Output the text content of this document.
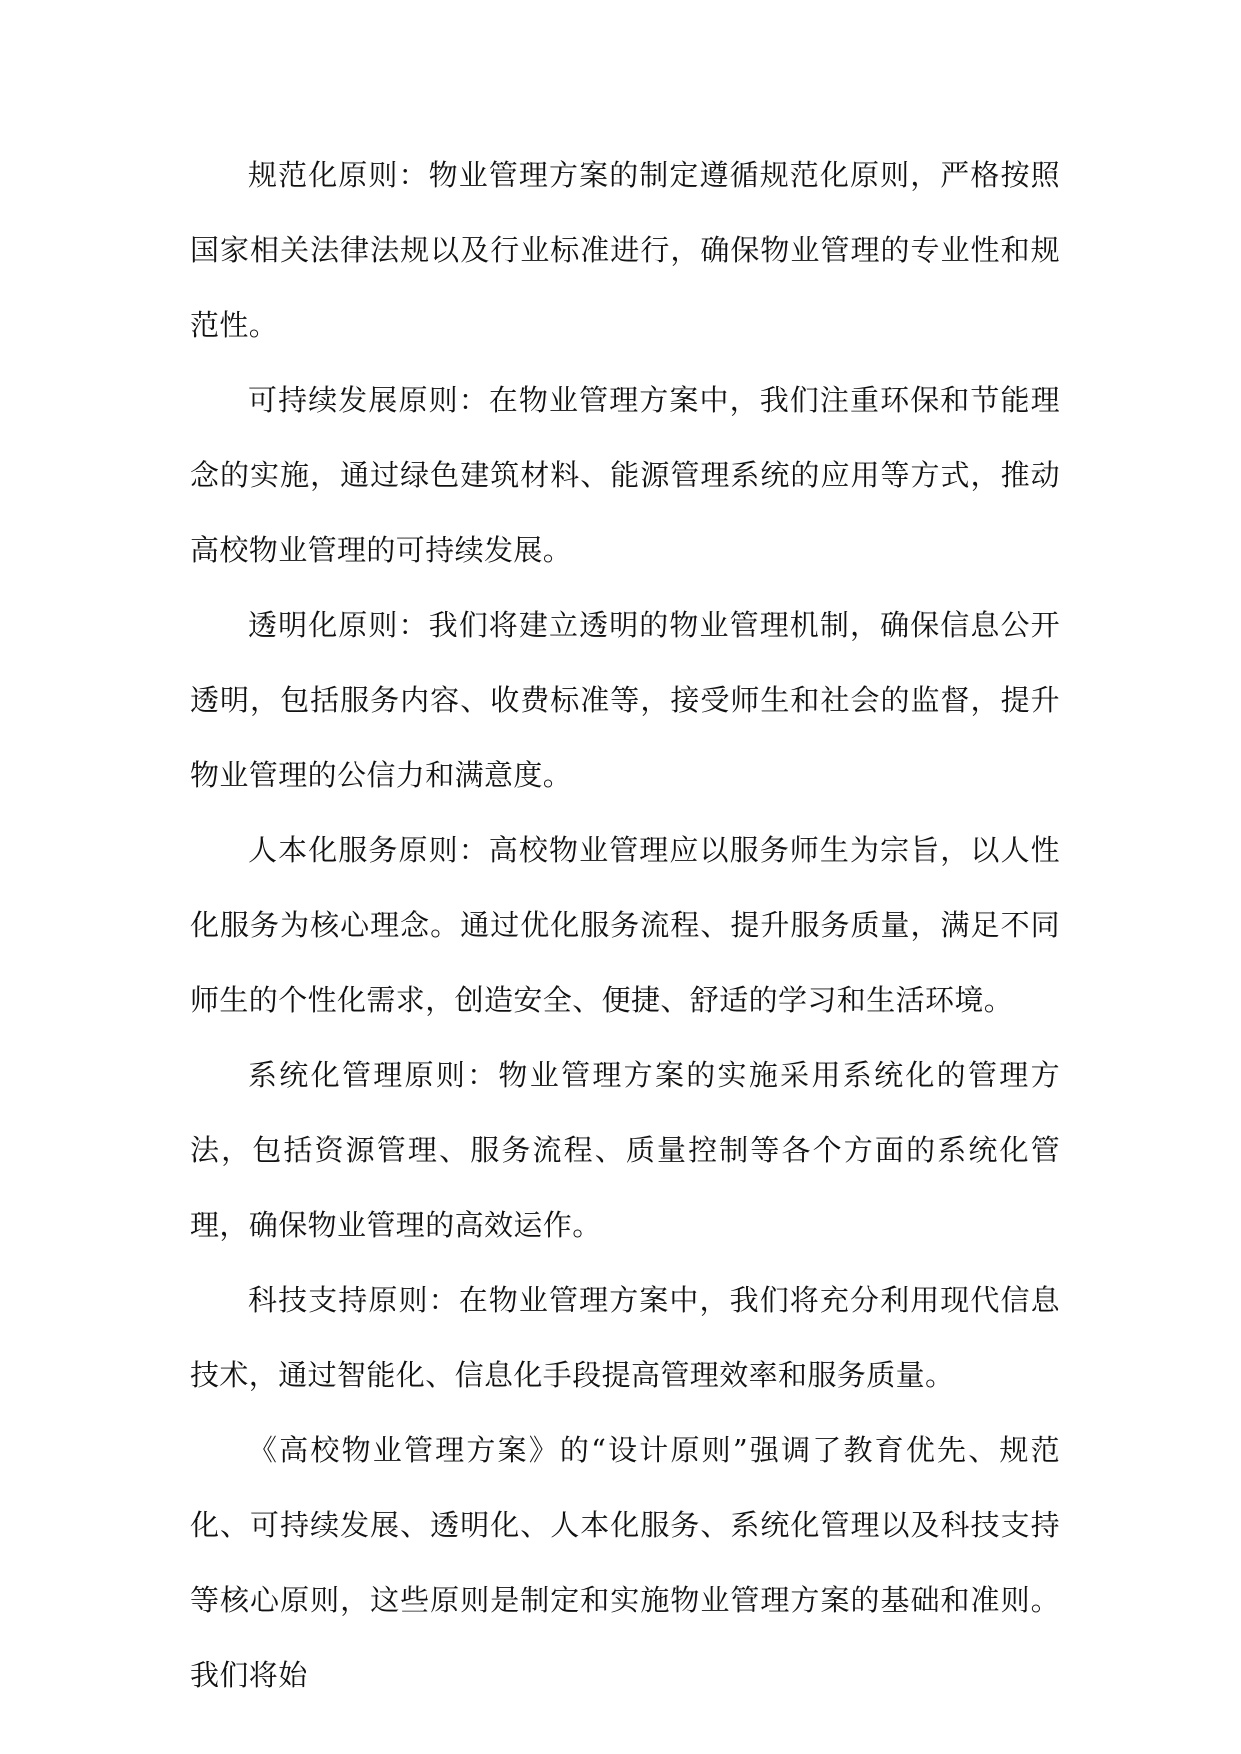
规范化原则：物业管理方案的制定遵循规范化原则，严格按照国家相关法律法规以及行业标准进行，确保物业管理的专业性和规范性。

可持续发展原则：在物业管理方案中，我们注重环保和节能理念的实施，通过绿色建筑材料、能源管理系统的应用等方式，推动高校物业管理的可持续发展。

透明化原则：我们将建立透明的物业管理机制，确保信息公开透明，包括服务内容、收费标准等，接受师生和社会的监督，提升物业管理的公信力和满意度。

人本化服务原则：高校物业管理应以服务师生为宗旨，以人性化服务为核心理念。通过优化服务流程、提升服务质量，满足不同师生的个性化需求，创造安全、便捷、舒适的学习和生活环境。

系统化管理原则：物业管理方案的实施采用系统化的管理方法，包括资源管理、服务流程、质量控制等各个方面的系统化管理，确保物业管理的高效运作。

科技支持原则：在物业管理方案中，我们将充分利用现代信息技术，通过智能化、信息化手段提高管理效率和服务质量。

《高校物业管理方案》的“设计原则”强调了教育优先、规范化、可持续发展、透明化、人本化服务、系统化管理以及科技支持等核心原则，这些原则是制定和实施物业管理方案的基础和准则。我们将始
